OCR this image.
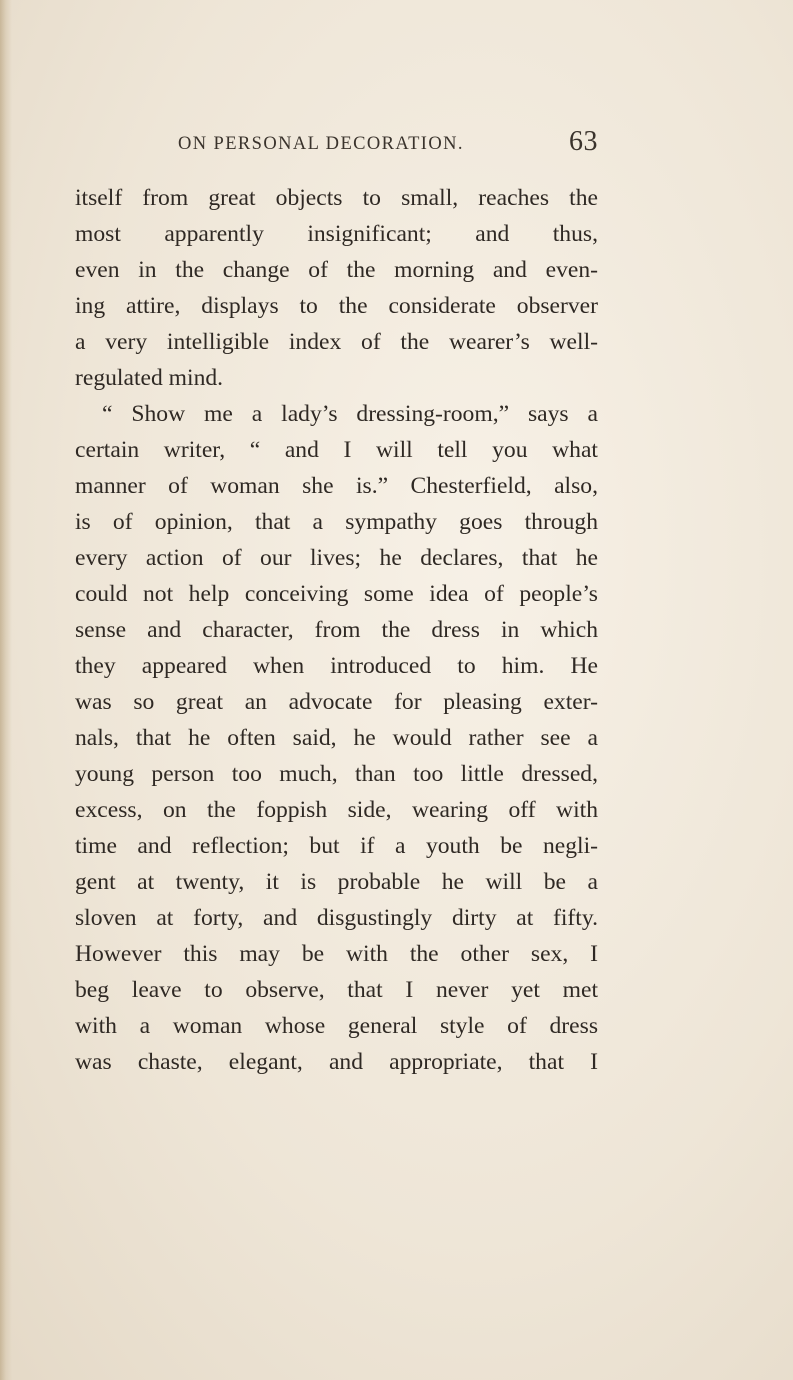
ON PERSONAL DECORATION.	63
itself from great objects to small, reaches the
most apparently insignificant; and thus,
even in the change of the morning and even-
ing attire, displays to the considerate observer
a very intelligible index of the wearer’s well-
regulated mind.
“ Show me a lady’s dressing-room,” says a
certain writer, “ and I will tell you what
manner of woman she is.” Chesterfield, also,
is of opinion, that a sympathy goes through
every action of our lives; he declares, that he
could not help conceiving some idea of people’s
sense and character, from the dress in which
they appeared when introduced to him. He
was so great an advocate for pleasing exter-
nals, that he often said, he would rather see a
young person too much, than too little dressed,
excess, on the foppish side, wearing off with
time and reflection; but if a youth be negli-
gent at twenty, it is probable he will be a
sloven at forty, and disgustingly dirty at fifty.
However this may be with the other sex, I
beg leave to observe, that I never yet met
with a woman whose general style of dress
was chaste, elegant, and appropriate, that I
